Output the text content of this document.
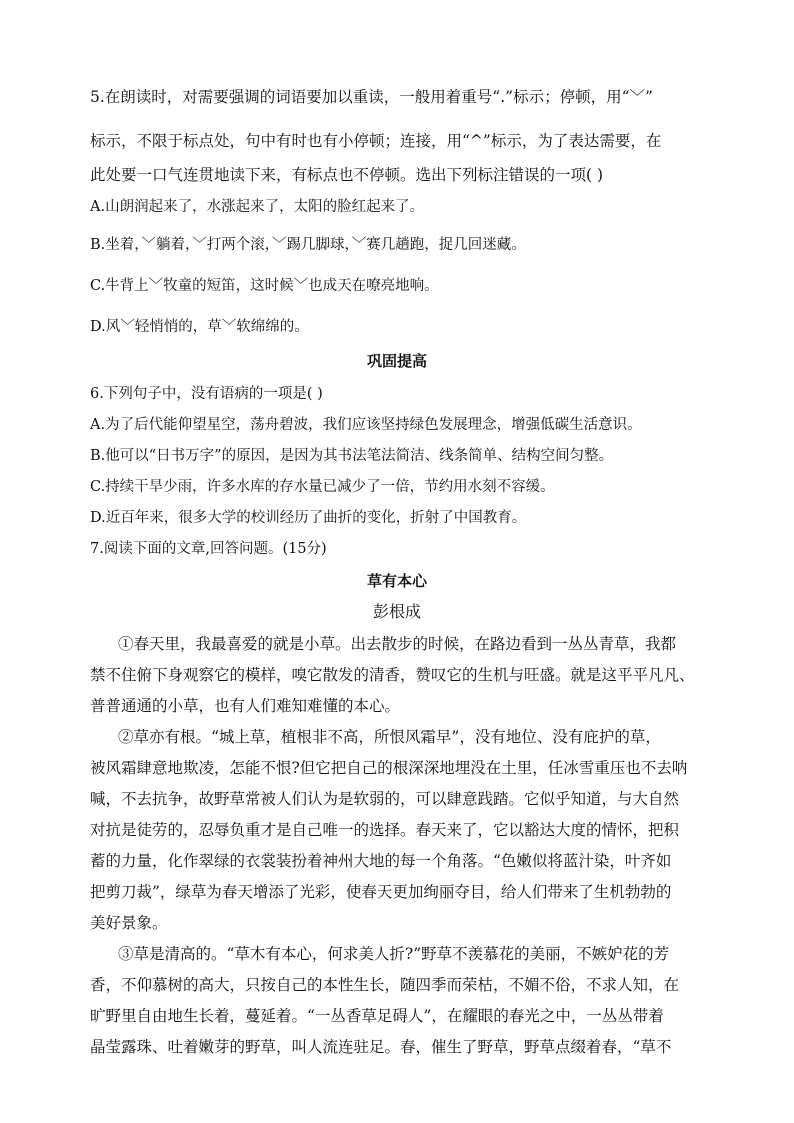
5.在朗读时，对需要强调的词语要加以重读，一般用着重号“.”标示；停顿，用“﹀”
标示，不限于标点处，句中有时也有小停顿；连接，用“^”标示，为了表达需要，在
此处要一口气连贯地读下来，有标点也不停顿。选出下列标注错误的一项( )
A.山朗润起来了，水涨起来了，太阳的脸红起来了。
B.坐着，﹀躺着，﹀打两个滚，﹀踢几脚球，﹀赛几趟跑，捉几回迷藏。
C.牛背上﹀牧童的短笛，这时候﹀也成天在嘹亮地响。
D.风﹀轻悄悄的，草﹀软绵绵的。
巩固提高
6.下列句子中，没有语病的一项是( )
A.为了后代能仰望星空，荡舟碧波，我们应该坚持绿色发展理念，增强低碳生活意识。
B.他可以“日书万字”的原因，是因为其书法笔法简洁、线条简单、结构空间匀整。
C.持续干旱少雨，许多水库的存水量已减少了一倍，节约用水刻不容缓。
D.近百年来，很多大学的校训经历了曲折的变化，折射了中国教育。
7.阅读下面的文章,回答问题。(15分)
草有本心
彭根成
①春天里，我最喜爱的就是小草。出去散步的时候，在路边看到一丛丛青草，我都
禁不住俯下身观察它的模样，嗅它散发的清香，赞叹它的生机与旺盛。就是这平平凡凡、
普普通通的小草，也有人们难知难懂的本心。
②草亦有根。“城上草，植根非不高，所恨风霜早”，没有地位、没有庇护的草，
被风霜肆意地欺凌，怎能不恨?但它把自己的根深深地埋没在土里，任冰雪重压也不去呐
喊，不去抗争，故野草常被人们认为是软弱的，可以肆意践踏。它似乎知道，与大自然
对抗是徒劳的，忍辱负重才是自己唯一的选择。春天来了，它以豁达大度的情怀，把积
蓄的力量，化作翠绿的衣裳装扮着神州大地的每一个角落。“色嫩似将蓝汁染，叶齐如
把剪刀裁”，绿草为春天增添了光彩，使春天更加绚丽夺目，给人们带来了生机勃勃的
美好景象。
③草是清高的。“草木有本心，何求美人折?”野草不羡慕花的美丽，不嫉妒花的芳
香，不仰慕树的高大，只按自己的本性生长，随四季而荣枯，不媚不俗，不求人知，在
旷野里自由地生长着，蔓延着。“一丛香草足碍人”，在耀眼的春光之中，一丛丛带着
晶莹露珠、吐着嫩芽的野草，叫人流连驻足。春，催生了野草，野草点缀着春，“草不
